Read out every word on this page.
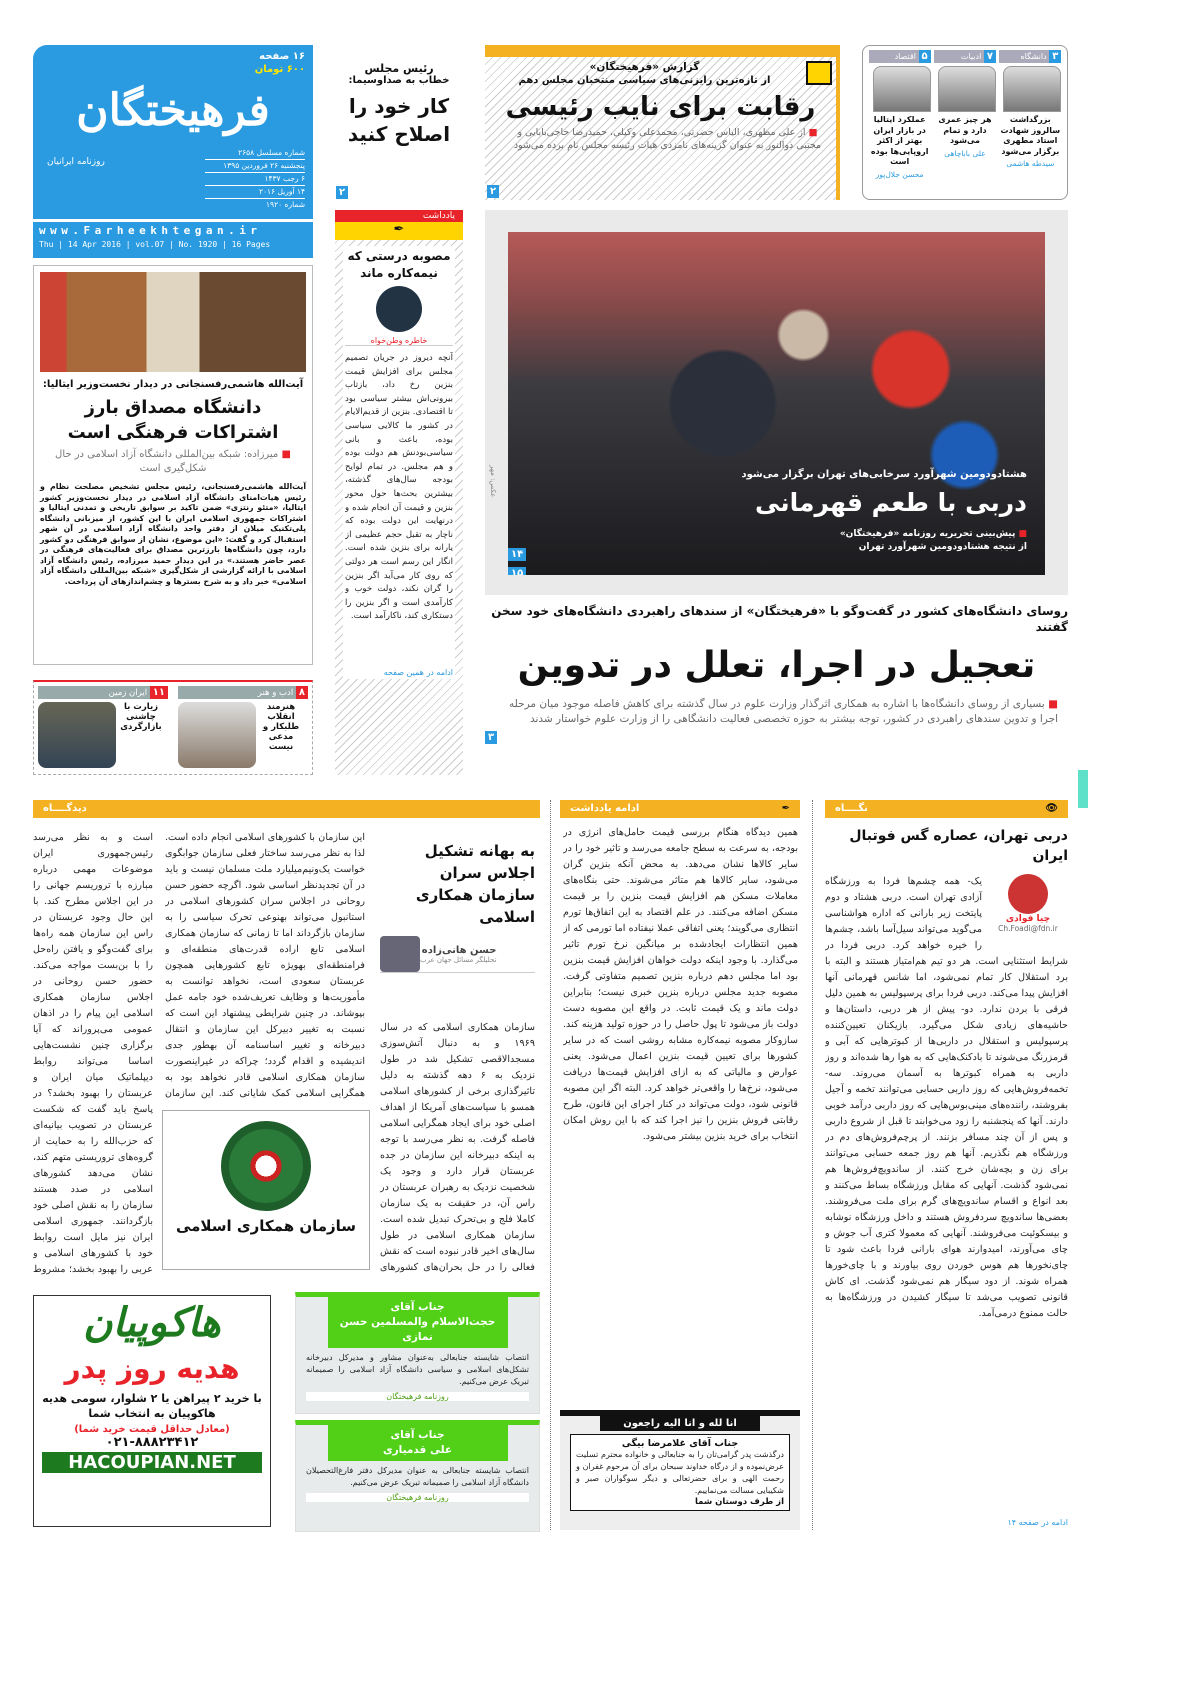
۱۶ صفحه
۶۰۰ تومان
فرهیختگان
روزنامه ایرانیان
شماره مسلسل ۲۶۵۸
پنجشنبه ۲۶ فروردین ۱۳۹۵
۶ رجب ۱۴۳۷
۱۴ آوریل ۲۰۱۶
شماره ۱۹۲۰
www.Farheekhtegan.ir
Thu | 14 Apr 2016 | vol.07 | No. 1920 | 16 Pages
رئیس مجلس
خطاب به صداوسیما:
کار خود را اصلاح کنید
۲
گزارش «فرهیختگان»
از تازه‌ترین رایزنی‌های سیاسی منتخبان مجلس دهم
رقابت برای نایب رئیسی
■ از علی مطهری، الیاس حضرتی، محمدعلی وکیلی، حمیدرضا حاجی‌بابایی و مجتبی ذوالنور به عنوان گزینه‌های نامزدی هیات رئیسه مجلس نام برده می‌شود
۲
۳ دانشگاه
بزرگداشت سالروز شهادت استاد مطهری برگزار می‌شود
سیدطه هاشمی
۷ ادبیات
هر چیز عمری دارد و تمام می‌شود
علی باباچاهی
۵ اقتصاد
عملکرد ایتالیا در بازار ایران بهتر از اکثر اروپایی‌ها بوده است
محسن جلال‌پور
آیت‌الله هاشمی‌رفسنجانی در دیدار نخست‌وزیر ایتالیا:
دانشگاه مصداق بارز اشتراکات فرهنگی است
■ میرزاده: شبکه بین‌المللی دانشگاه آزاد اسلامی در حال شکل‌گیری است
آیت‌الله هاشمی‌رفسنجانی، رئیس مجلس تشخیص مصلحت نظام و رئیس هیات‌امنای دانشگاه آزاد اسلامی در دیدار نخست‌وزیر کشور ایتالیا، «متئو رنتزی» ضمن تاکید بر سوابق تاریخی و تمدنی ایتالیا و اشتراکات جمهوری اسلامی ایران با این کشور، از میزبانی دانشگاه پلی‌تکنیک میلان از دفتر واحد دانشگاه آزاد اسلامی در آن شهر استقبال کرد و گفت: «این موضوع، نشان از سوابق فرهنگی دو کشور دارد، چون دانشگاه‌ها بارزترین مصداق برای فعالیت‌های فرهنگی در عصر حاضر هستند.» در این دیدار حمید میرزاده، رئیس دانشگاه آزاد اسلامی با ارائه گزارشی از شکل‌گیری «شبکه بین‌المللی دانشگاه آزاد اسلامی» خبر داد و به شرح بسترها و چشم‌اندازهای آن پرداخت.
۸ ادب و هنر
هنرمند انقلاب طلبکار و مدعی نیست
۱۱ ایران زمین
زیارت با چاشنی بازارگردی
یادداشت
✒
مصوبه درستی که نیمه‌کاره ماند
خاطره وطن‌خواه
آنچه دیروز در جریان تصمیم مجلس برای افزایش قیمت بنزین رخ داد، بازتاب بیرونی‌اش بیشتر سیاسی بود تا اقتصادی. بنزین از قدیم‌الایام در کشور ما کالایی سیاسی بوده، باعث و بانی سیاسی‌بودنش هم دولت بوده و هم مجلس. در تمام لوایح بودجه سال‌های گذشته، بیشترین بحث‌ها حول محور بنزین و قیمت آن انجام شده و درنهایت این دولت بوده که ناچار به تقبل حجم عظیمی از یارانه برای بنزین شده است. انگار این رسم است هر دولتی که روی کار می‌آید اگر بنزین را گران نکند، دولت خوب و کارآمدی است و اگر بنزین را دستکاری کند، ناکارآمد است.
ادامه در همین صفحه
عکس: مهر	هشتادودومین شهرآورد سرخابی‌های تهران برگزار می‌شود
دربی با طعم قهرمانی
■ پیش‌بینی تحریریه روزنامه «فرهیختگان»
از نتیجه هشتادودومین شهرآورد تهران
۱۴
۱۵
روسای دانشگاه‌های کشور در گفت‌وگو با «فرهیختگان» از سندهای راهبردی دانشگاه‌های خود سخن گفتند
تعجیل در اجرا، تعلل در تدوین
■ بسیاری از روسای دانشگاه‌ها با اشاره به همکاری اثرگذار وزارت علوم در سال گذشته برای کاهش فاصله موجود میان مرحله اجرا و تدوین سندهای راهبردی در کشور، توجه بیشتر به حوزه تخصصی فعالیت دانشگاهی را از وزارت علوم خواستار شدند
۳
دیدگــــاه
است و به نظر می‌رسد رئیس‌جمهوری ایران موضوعات مهمی درباره مبارزه با تروریسم جهانی را در این اجلاس مطرح کند. با این حال وجود عربستان در راس این سازمان همه راه‌ها برای گفت‌وگو و یافتن راه‌حل را با بن‌بست مواجه می‌کند. حضور حسن روحانی در اجلاس سازمان همکاری اسلامی این پیام را در اذهان عمومی می‌پروراند که آیا برگزاری چنین نشست‌هایی اساسا می‌تواند روابط دیپلماتیک میان ایران و عربستان را بهبود بخشد؟ در پاسخ باید گفت که شکست عربستان در تصویب بیانیه‌ای که حزب‌الله را به حمایت از گروه‌های تروریستی متهم کند، نشان می‌دهد کشورهای اسلامی در صدد هستند سازمان را به نقش اصلی خود بازگردانند. جمهوری اسلامی ایران نیز مایل است روابط خود با کشورهای اسلامی و عربی را بهبود بخشد؛ مشروط
این سازمان با کشورهای اسلامی انجام داده است. لذا به نظر می‌رسد ساختار فعلی سازمان جوابگوی خواست یک‌ونیم‌میلیارد ملت مسلمان نیست و باید در آن تجدیدنظر اساسی شود. اگرچه حضور حسن روحانی در اجلاس سران کشورهای اسلامی در استانبول می‌تواند بهنوعی تحرک سیاسی را به سازمان بازگرداند اما تا زمانی که سازمان همکاری اسلامی تابع اراده قدرت‌های منطقه‌ای و فرامنطقه‌ای بهویژه تابع کشورهایی همچون عربستان سعودی است، نخواهد توانست به مأموریت‌ها و وظایف تعریف‌شده خود جامه عمل بپوشاند. در چنین شرایطی پیشنهاد این است که نسبت به تغییر دبیرکل این سازمان و انتقال دبیرخانه و تغییر اساسنامه آن بهطور جدی اندیشیده و اقدام گردد؛ چراکه در غیراینصورت سازمان همکاری اسلامی قادر نخواهد بود به همگرایی اسلامی کمک شایانی کند. این سازمان
به بهانه تشکیل اجلاس سران سازمان همکاری اسلامی
حسن هانی‌زاده
تحلیلگر مسائل جهان عرب
سازمان همکاری اسلامی که در سال ۱۹۶۹ و به دنبال آتش‌سوزی مسجدالاقصی تشکیل شد در طول نزدیک به ۶ دهه گذشته به دلیل تاثیرگذاری برخی از کشورهای اسلامی همسو با سیاست‌های آمریکا از اهداف اصلی خود برای ایجاد همگرایی اسلامی فاصله گرفت. به نظر می‌رسد با توجه به اینکه دبیرخانه این سازمان در جده عربستان قرار دارد و وجود یک شخصیت نزدیک به رهبران عربستان در راس آن، در حقیقت به یک سازمان کاملا فلج و بی‌تحرک تبدیل شده است. سازمان همکاری اسلامی در طول سال‌های اخیر قادر نبوده است که نقش فعالی را در حل بحران‌های کشورهای
سازمان همکاری اسلامی
ادامه یادداشت	✒
همین دیدگاه هنگام بررسی قیمت حامل‌های انرژی در بودجه، به سرعت به سطح جامعه می‌رسد و تاثیر خود را در سایر کالاها نشان می‌دهد. به محض آنکه بنزین گران می‌شود، سایر کالاها هم متاثر می‌شوند. حتی بنگاه‌های معاملات مسکن هم افزایش قیمت بنزین را بر قیمت مسکن اضافه می‌کنند. در علم اقتصاد به این اتفاق‌ها تورم انتظاری می‌گویند؛ یعنی اتفاقی عملا نیفتاده اما تورمی که از همین انتظارات ایجادشده بر میانگین نرخ تورم تاثیر می‌گذارد. با وجود اینکه دولت خواهان افزایش قیمت بنزین بود اما مجلس دهم درباره بنزین تصمیم متفاوتی گرفت. مصوبه جدید مجلس درباره بنزین خبری نیست؛ بنابراین دولت ماند و یک قیمت ثابت. در واقع این مصوبه دست دولت باز می‌شود تا پول حاصل را در حوزه تولید هزینه کند. سازوکار مصوبه نیمه‌کاره مشابه روشی است که در سایر کشورها برای تعیین قیمت بنزین اعمال می‌شود. یعنی عوارض و مالیاتی که به ازای افزایش قیمت‌ها دریافت می‌شود، نرخ‌ها را واقعی‌تر خواهد کرد. البته اگر این مصوبه قانونی شود، دولت می‌تواند در کنار اجرای این قانون، طرح رقابتی فروش بنزین را نیز اجرا کند که با این روش امکان انتخاب برای خرید بنزین بیشتر می‌شود.
انا لله و انا الیه راجعون
جناب آقای غلامرضا بیگی
درگذشت پدر گرامی‌تان را به جنابعالی و خانواده محترم تسلیت عرض‌نموده و از درگاه خداوند سبحان برای آن مرحوم غفران و رحمت الهی و برای حضرتعالی و دیگر سوگواران صبر و شکیبایی مسالت می‌نماییم.
از طرف دوستان شما
نگــــاه	👁
دربی تهران، عصاره گس فوتبال ایران
چیا فوادی
Ch.Foadi@fdn.ir
یک- همه چشم‌ها فردا به ورزشگاه آزادی تهران است. دربی هشتاد و دوم پایتخت زیر بارانی که اداره هواشناسی می‌گوید می‌تواند سیل‌آسا باشد، چشم‌ها را خیره خواهد کرد. دربی فردا در شرایط استثنایی است. هر دو تیم هم‌امتیاز هستند و البته با برد استقلال کار تمام نمی‌شود، اما شانس قهرمانی آنها افزایش پیدا می‌کند. دربی فردا برای پرسپولیس به همین دلیل فرقی با بردن ندارد. دو- پیش از هر دربی، داستان‌ها و حاشیه‌های زیادی شکل می‌گیرد. بازیکنان تعیین‌کننده پرسپولیس و استقلال در داربی‌ها از کبوترهایی که آبی و قرمزرنگ می‌شوند تا بادکنک‌هایی که به هوا رها شده‌اند و روز داربی به همراه کبوترها به آسمان می‌روند. سه- تخمه‌فروش‌هایی که روز داربی حسابی می‌توانند تخمه و آجیل بفروشند، راننده‌های مینی‌بوس‌هایی که روز داربی درآمد خوبی دارند. آنها که پنجشنبه را زود می‌خوابند تا قبل از شروع داربی و پس از آن چند مسافر بزنند. از پرچم‌فروش‌های دم در ورزشگاه هم نگذریم. آنها هم روز جمعه حسابی می‌توانند برای زن و بچه‌شان خرج کنند. از ساندویچ‌فروش‌ها هم نمی‌شود گذشت. آنهایی که مقابل ورزشگاه بساط می‌کنند و بعد انواع و اقسام ساندویچ‌های گرم برای ملت می‌فروشند. بعضی‌ها ساندویچ سردفروش هستند و داخل ورزشگاه نوشابه و بیسکوئیت می‌فروشند. آنهایی که معمولا کتری آب جوش و چای می‌آورند، امیدوارند هوای بارانی فردا باعث شود تا چای‌نخورها هم هوس خوردن روی بیاورند و با چای‌خورها همراه شوند. از دود سیگار هم نمی‌شود گذشت. ای کاش قانونی تصویب می‌شد تا سیگار کشیدن در ورزشگاه‌ها به حالت ممنوع درمی‌آمد.
ادامه در صفحه ۱۴
هاکوپیان
هدیه روز پدر
با خرید ۲ پیراهن یا ۲ شلوار، سومی هدیه هاکوپیان به انتخاب شما
(معادل حداقل قیمت خرید شما)
۰۲۱-۸۸۸۲۳۴۱۲
HACOUPIAN.NET
جناب آقای
حجت‌الاسلام والمسلمین حسن نمازی
انتصاب شایسته جنابعالی به‌عنوان مشاور و مدیرکل دبیرخانه تشکل‌های اسلامی و سیاسی دانشگاه آزاد اسلامی را صمیمانه تبریک عرض می‌کنیم.
روزنامه فرهیختگان
جناب آقای
علی قدمیاری
انتصاب شایسته جنابعالی به عنوان مدیرکل دفتر فارغ‌التحصیلان دانشگاه آزاد اسلامی را صمیمانه تبریک عرض می‌کنیم.
روزنامه فرهیختگان
